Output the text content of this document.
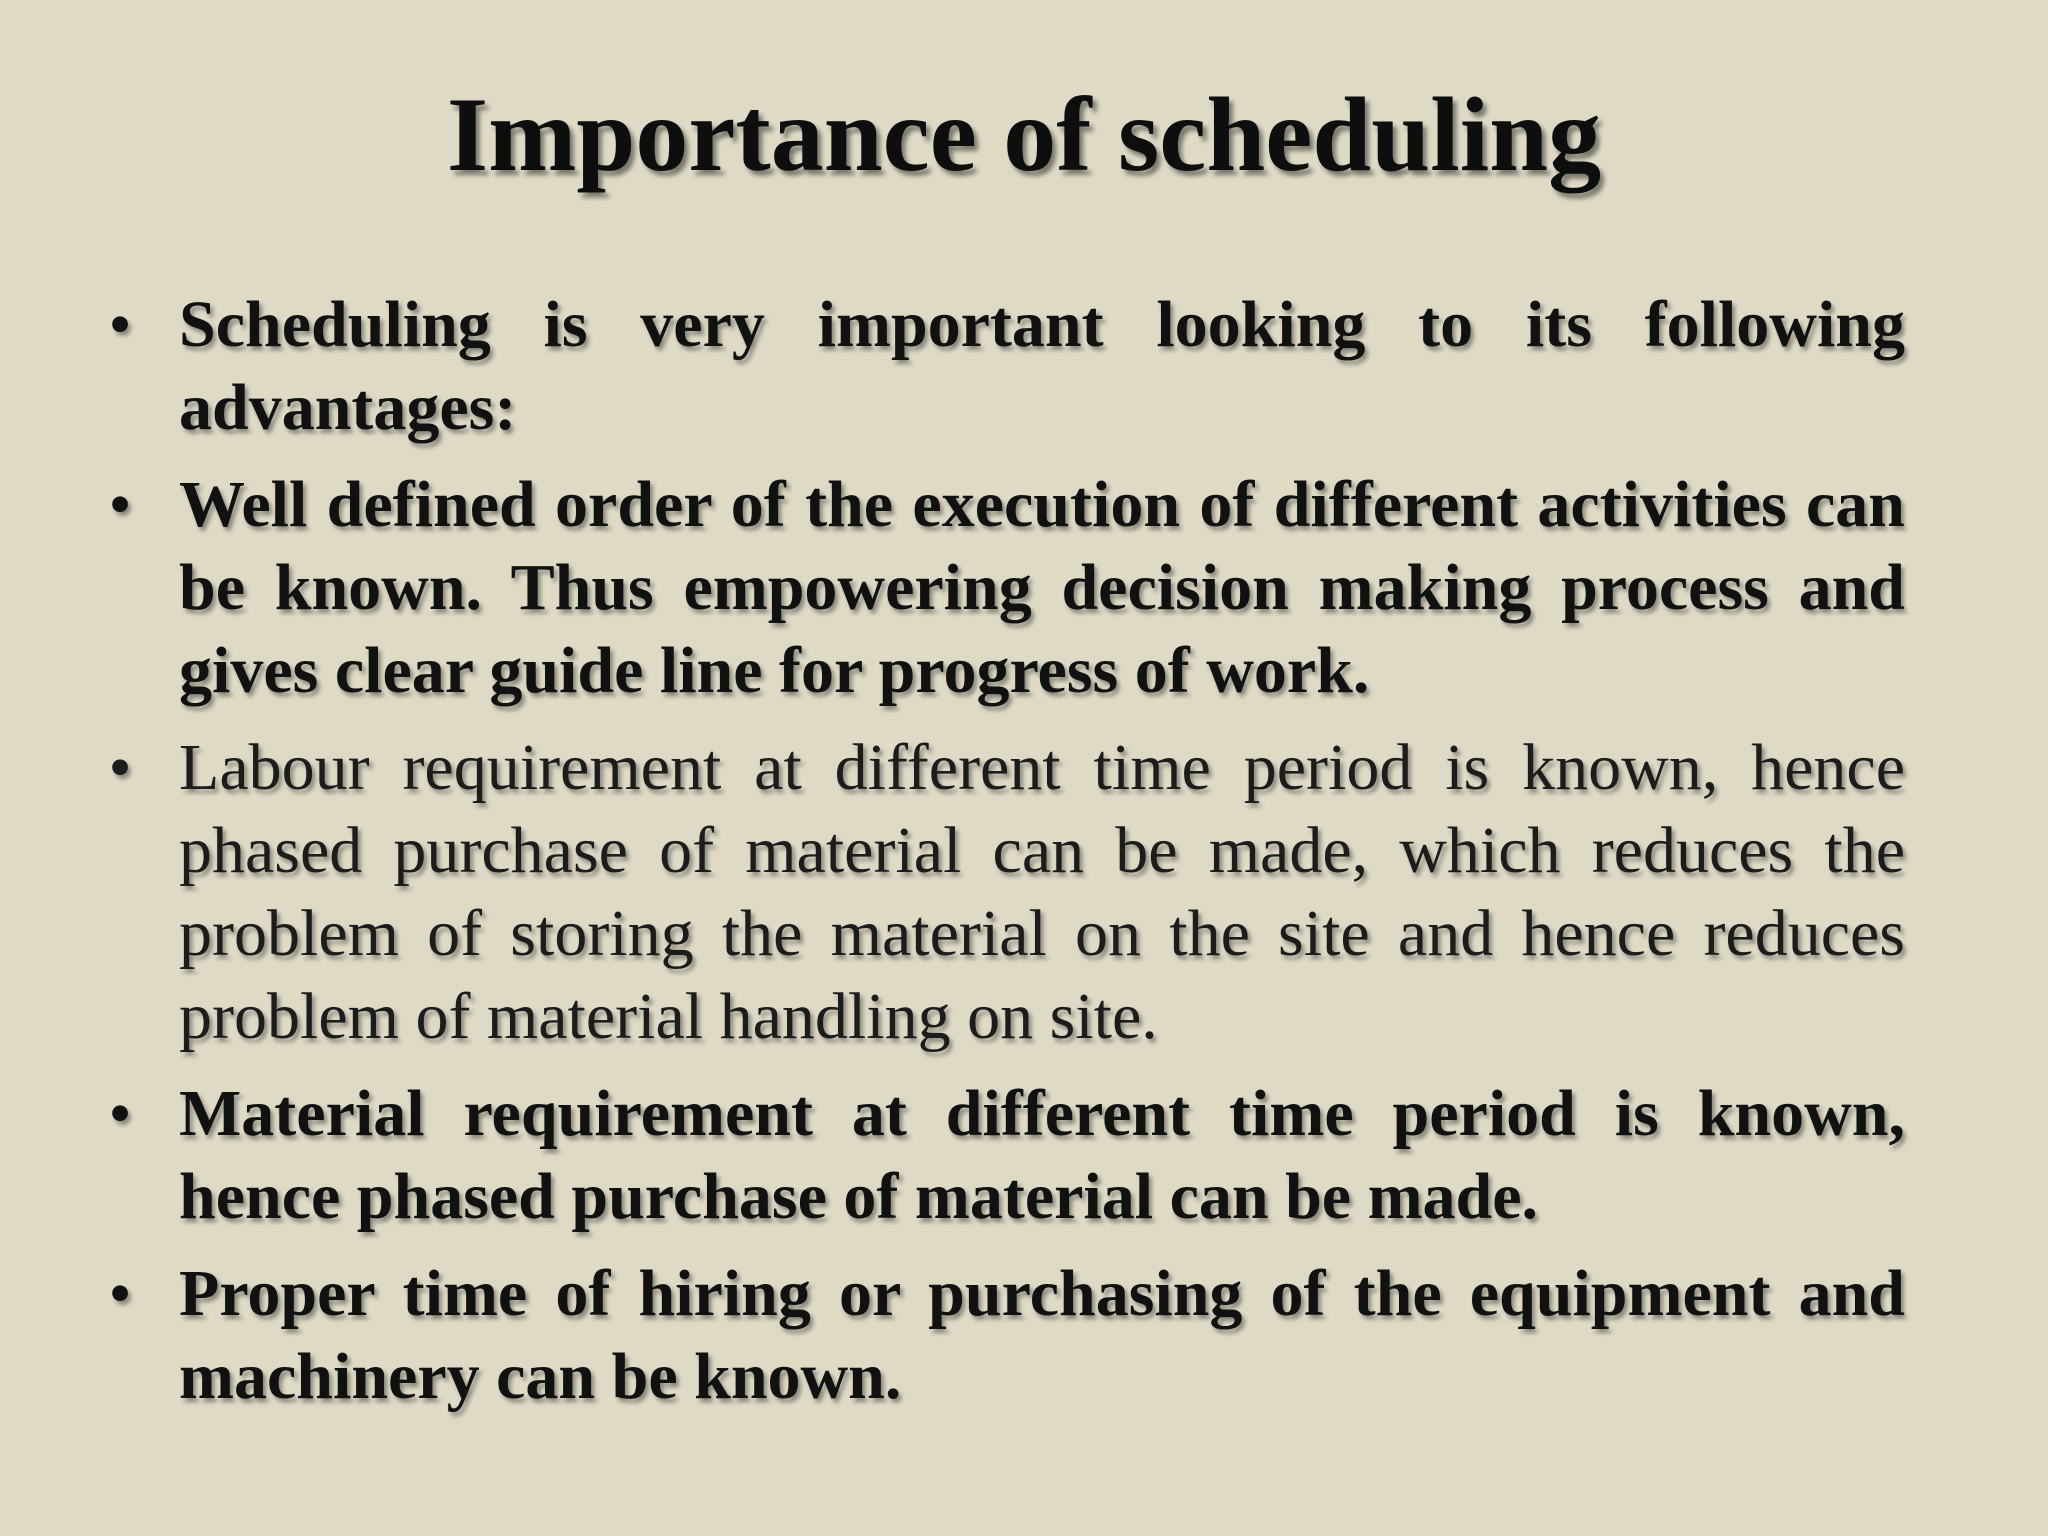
Importance of scheduling
• Scheduling is very important looking to its following advantages:
• Well defined order of the execution of different activities can be known. Thus empowering decision making process and gives clear guide line for progress of work.
• Labour requirement at different time period is known, hence phased purchase of material can be made, which reduces the problem of storing the material on the site and hence reduces problem of material handling on site.
• Material requirement at different time period is known, hence phased purchase of material can be made.
• Proper time of hiring or purchasing of the equipment and machinery can be known.
